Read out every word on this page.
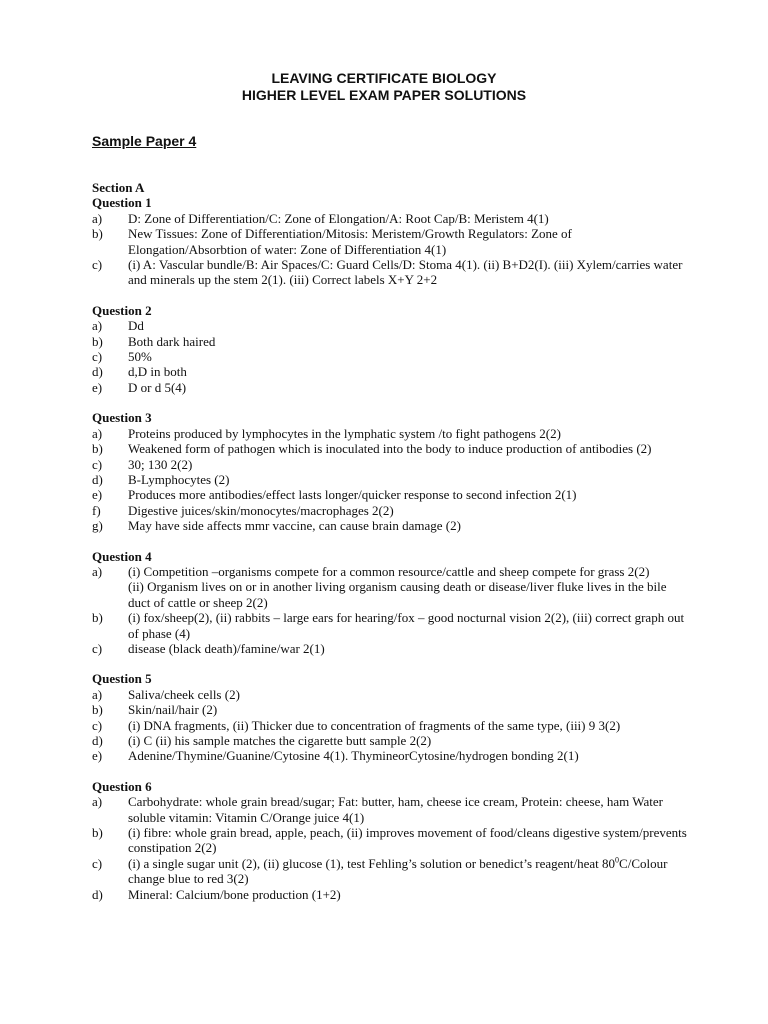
LEAVING CERTIFICATE BIOLOGY
HIGHER LEVEL EXAM PAPER SOLUTIONS
Sample Paper 4
Section A
Question 1
a)	D: Zone of Differentiation/C: Zone of Elongation/A: Root Cap/B: Meristem 4(1)
b)	New Tissues: Zone of Differentiation/Mitosis: Meristem/Growth Regulators: Zone of Elongation/Absorbtion of water: Zone of Differentiation 4(1)
c)	(i) A: Vascular bundle/B: Air Spaces/C: Guard Cells/D: Stoma 4(1). (ii) B+D2(I). (iii) Xylem/carries water and minerals up the stem 2(1). (iii) Correct labels X+Y 2+2
Question 2
a)	Dd
b)	Both dark haired
c)	50%
d)	d,D in both
e)	D or d 5(4)
Question 3
a)	Proteins produced by lymphocytes in the lymphatic system /to fight pathogens 2(2)
b)	Weakened form of pathogen which is inoculated into the body to induce production of antibodies (2)
c)	30; 130 2(2)
d)	B-Lymphocytes (2)
e)	Produces more antibodies/effect lasts longer/quicker response to second infection 2(1)
f)	Digestive juices/skin/monocytes/macrophages 2(2)
g)	May have side affects mmr vaccine, can cause brain damage (2)
Question 4
a)	(i) Competition –organisms compete for a common resource/cattle and sheep compete for grass 2(2)
(ii) Organism lives on or in another living organism causing death or disease/liver fluke lives in the bile duct of cattle or sheep 2(2)
b)	(i) fox/sheep(2), (ii) rabbits – large ears for hearing/fox – good nocturnal vision 2(2), (iii) correct graph out of phase (4)
c)	disease (black death)/famine/war 2(1)
Question 5
a)	Saliva/cheek cells (2)
b)	Skin/nail/hair (2)
c)	(i) DNA fragments, (ii) Thicker due to concentration of fragments of the same type, (iii) 9 3(2)
d)	(i) C (ii) his sample matches the cigarette butt sample 2(2)
e)	Adenine/Thymine/Guanine/Cytosine 4(1). ThymineorCytosine/hydrogen bonding 2(1)
Question 6
a)	Carbohydrate: whole grain bread/sugar; Fat: butter, ham, cheese ice cream, Protein: cheese, ham Water soluble vitamin: Vitamin C/Orange juice 4(1)
b)	(i) fibre: whole grain bread, apple, peach, (ii) improves movement of food/cleans digestive system/prevents constipation 2(2)
c)	(i) a single sugar unit (2), (ii) glucose (1), test Fehling’s solution or benedict’s reagent/heat $80^0C$/Colour change blue to red 3(2)
d)	Mineral: Calcium/bone production (1+2)
